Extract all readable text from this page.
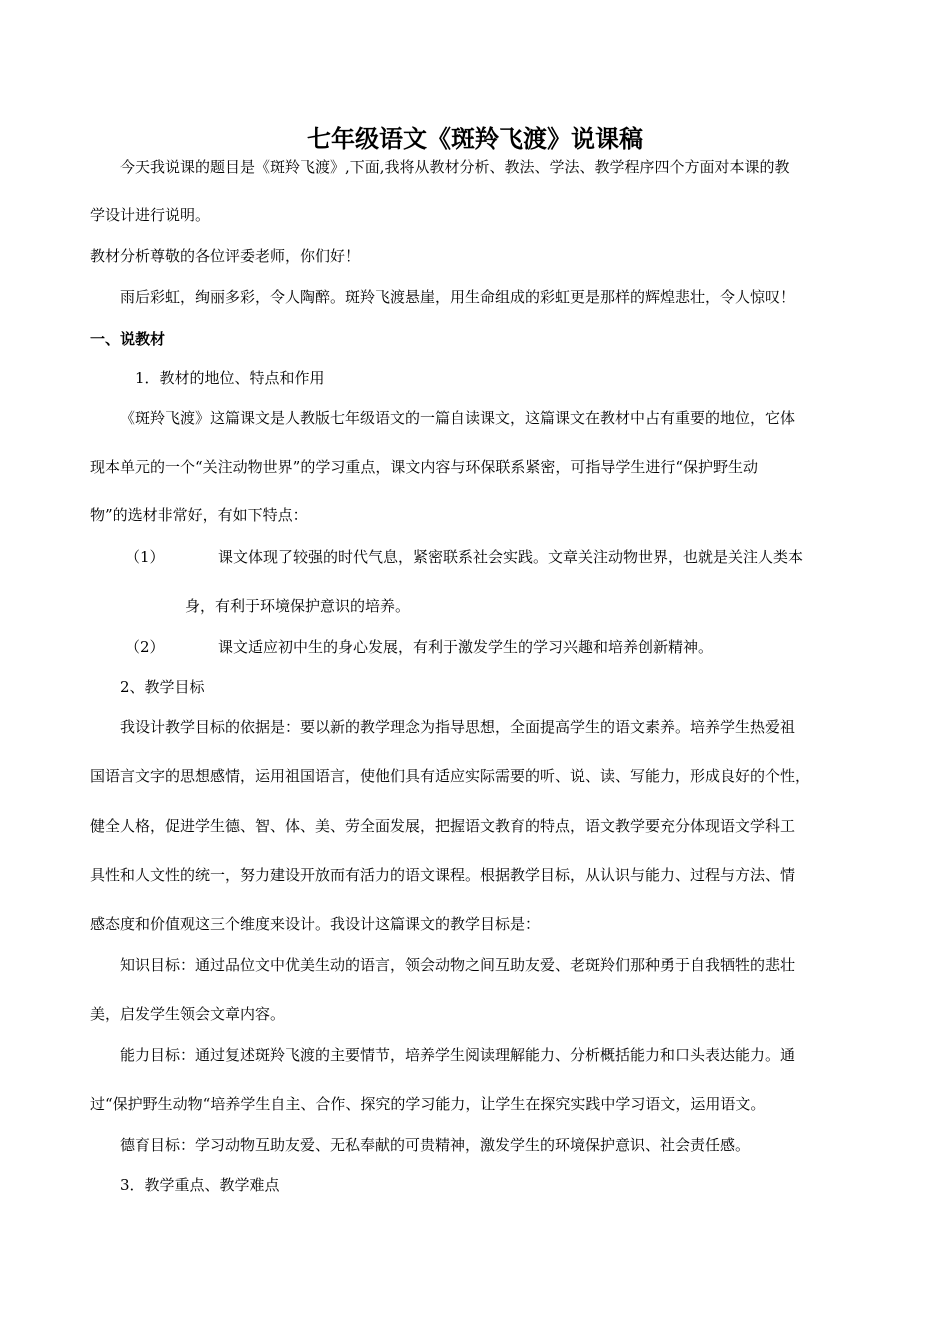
七年级语文《斑羚飞渡》说课稿
今天我说课的题目是《斑羚飞渡》,下面,我将从教材分析、教法、学法、教学程序四个方面对本课的教
学设计进行说明。
教材分析尊敬的各位评委老师，你们好！
雨后彩虹，绚丽多彩，令人陶醉。斑羚飞渡悬崖，用生命组成的彩虹更是那样的辉煌悲壮，令人惊叹！
一、说教材
1．教材的地位、特点和作用
《斑羚飞渡》这篇课文是人教版七年级语文的一篇自读课文，这篇课文在教材中占有重要的地位，它体
现本单元的一个“关注动物世界”的学习重点，课文内容与环保联系紧密，可指导学生进行“保护野生动
物”的选材非常好，有如下特点：
（1）	课文体现了较强的时代气息，紧密联系社会实践。文章关注动物世界，也就是关注人类本
身，有利于环境保护意识的培养。
（2）	课文适应初中生的身心发展，有利于激发学生的学习兴趣和培养创新精神。
2、教学目标
我设计教学目标的依据是：要以新的教学理念为指导思想，全面提高学生的语文素养。培养学生热爱祖
国语言文字的思想感情，运用祖国语言，使他们具有适应实际需要的听、说、读、写能力，形成良好的个性，
健全人格，促进学生德、智、体、美、劳全面发展，把握语文教育的特点，语文教学要充分体现语文学科工
具性和人文性的统一，努力建设开放而有活力的语文课程。根据教学目标，从认识与能力、过程与方法、情
感态度和价值观这三个维度来设计。我设计这篇课文的教学目标是：
知识目标：通过品位文中优美生动的语言，领会动物之间互助友爱、老斑羚们那种勇于自我牺牲的悲壮
美，启发学生领会文章内容。
能力目标：通过复述斑羚飞渡的主要情节，培养学生阅读理解能力、分析概括能力和口头表达能力。通
过“保护野生动物“培养学生自主、合作、探究的学习能力，让学生在探究实践中学习语文，运用语文。
德育目标：学习动物互助友爱、无私奉献的可贵精神，激发学生的环境保护意识、社会责任感。
3．教学重点、教学难点
